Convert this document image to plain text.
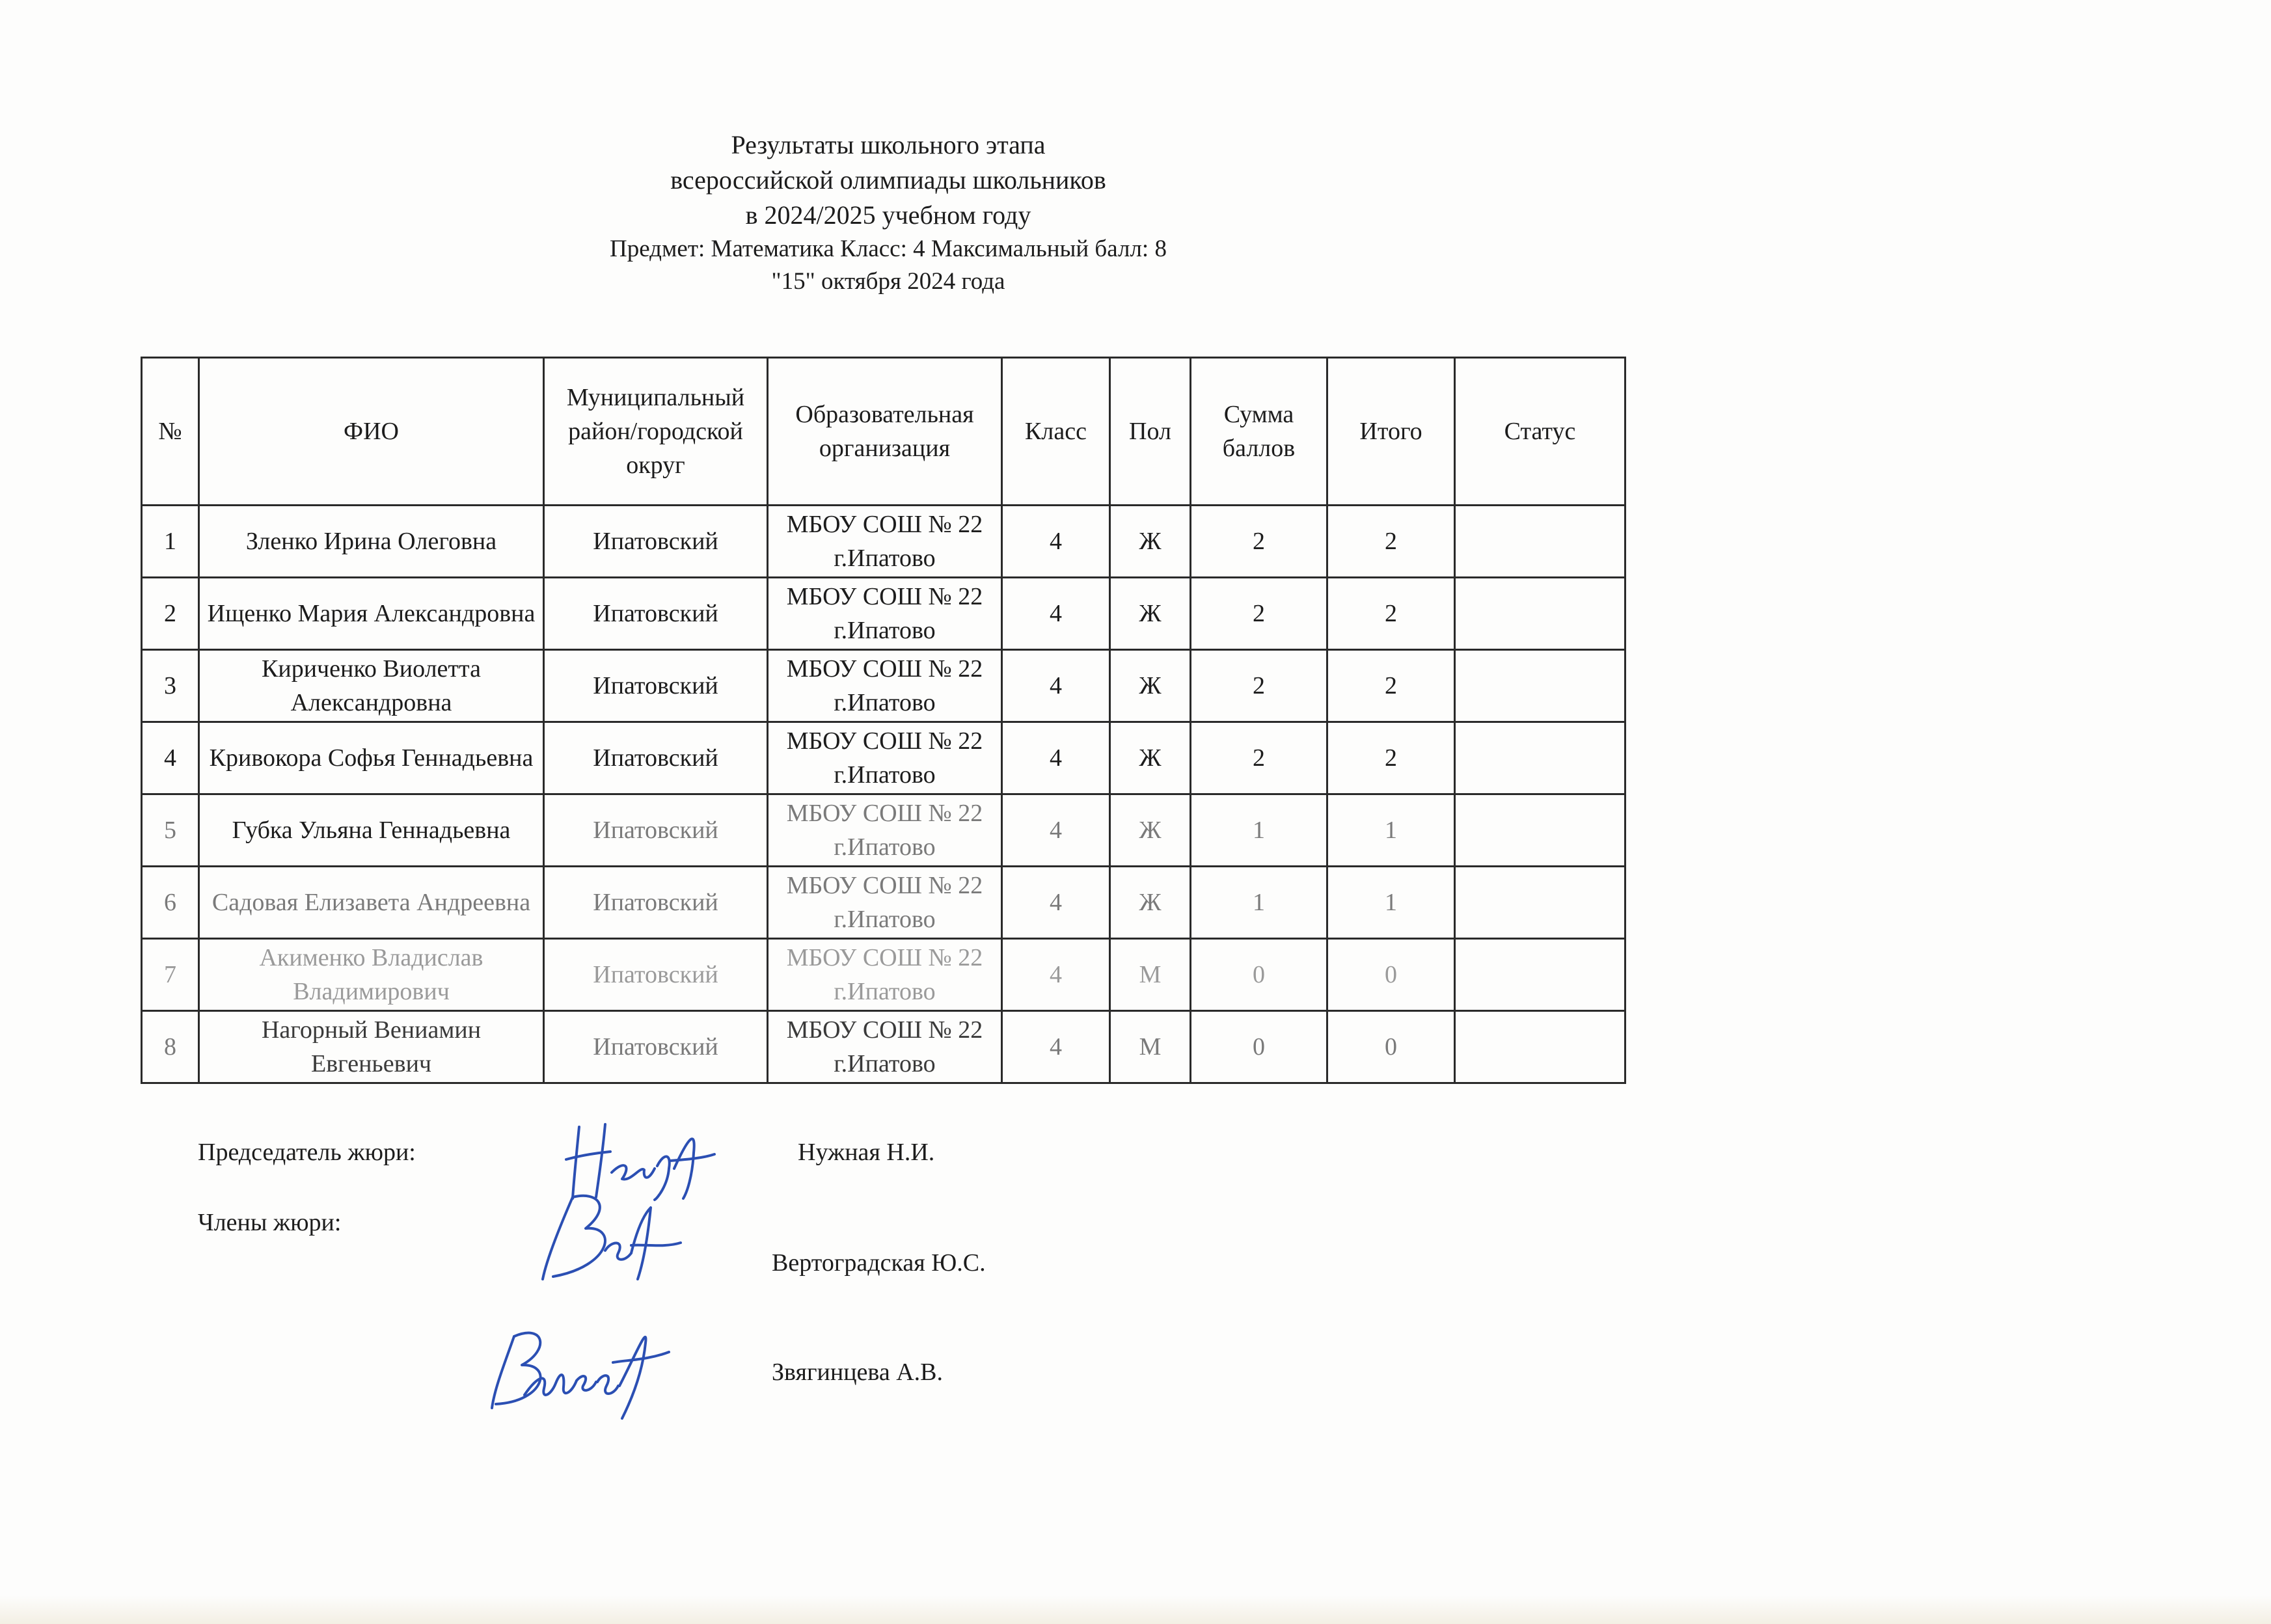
Результаты школьного этапа
всероссийской олимпиады школьников
в 2024/2025 учебном году
Предмет: Математика Класс: 4 Максимальный балл: 8
"15" октября 2024 года
№	ФИО	Муниципальный район/городской округ	Образовательная организация	Класс	Пол	Сумма баллов	Итого	Статус
1	Зленко Ирина Олеговна	Ипатовский	МБОУ СОШ № 22 г.Ипатово	4	Ж	2	2	
2	Ищенко Мария Александровна	Ипатовский	МБОУ СОШ № 22 г.Ипатово	4	Ж	2	2	
3	Кириченко Виолетта Александровна	Ипатовский	МБОУ СОШ № 22 г.Ипатово	4	Ж	2	2	
4	Кривокора Софья Геннадьевна	Ипатовский	МБОУ СОШ № 22 г.Ипатово	4	Ж	2	2	
5	Губка Ульяна Геннадьевна	Ипатовский	МБОУ СОШ № 22 г.Ипатово	4	Ж	1	1	
6	Садовая Елизавета Андреевна	Ипатовский	МБОУ СОШ № 22 г.Ипатово	4	Ж	1	1	
7	Акименко Владислав Владимирович	Ипатовский	МБОУ СОШ № 22 г.Ипатово	4	М	0	0	
8	Нагорный Вениамин Евгеньевич	Ипатовский	МБОУ СОШ № 22 г.Ипатово	4	М	0	0	
Председатель жюри:	Нужная Н.И.
Члены жюри:
Вертоградская Ю.С.
Звягинцева А.В.
